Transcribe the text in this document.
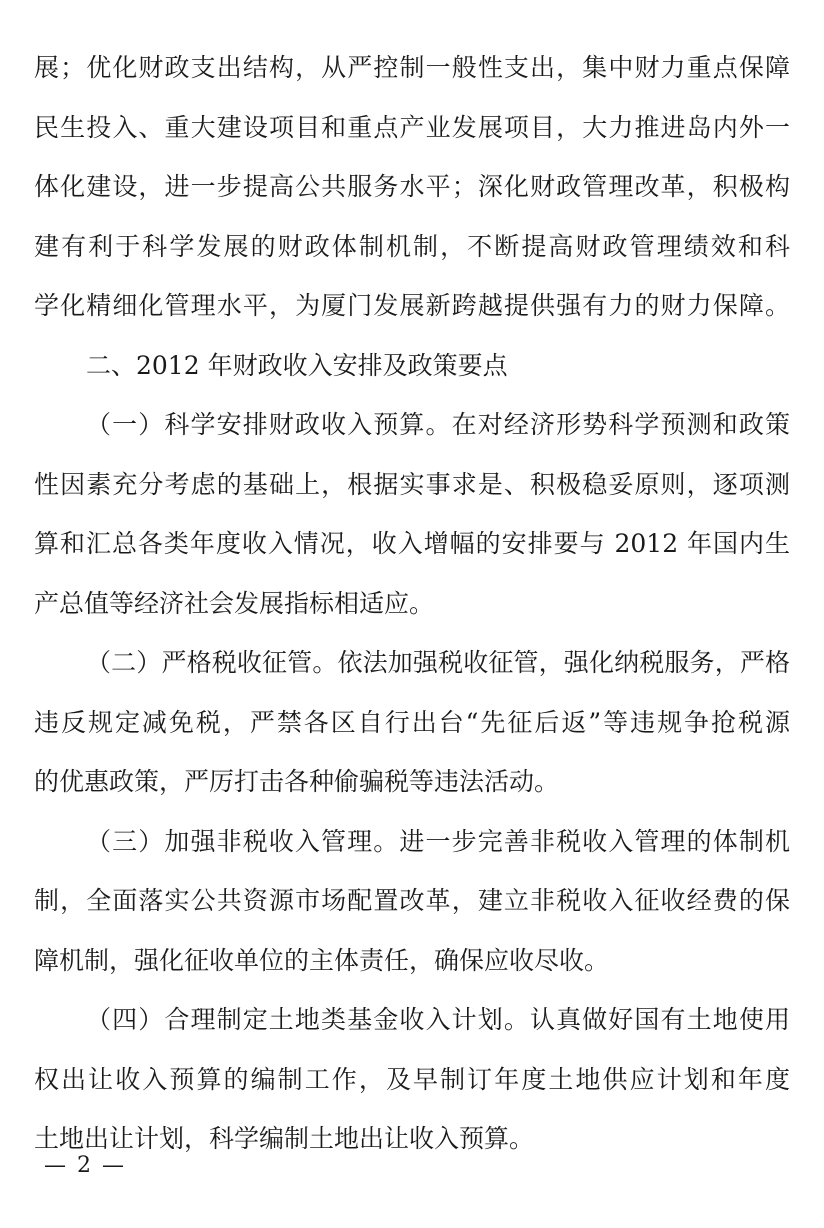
展；优化财政支出结构，从严控制一般性支出，集中财力重点保障
民生投入、重大建设项目和重点产业发展项目，大力推进岛内外一
体化建设，进一步提高公共服务水平；深化财政管理改革，积极构
建有利于科学发展的财政体制机制，不断提高财政管理绩效和科
学化精细化管理水平，为厦门发展新跨越提供强有力的财力保障。
二、2012 年财政收入安排及政策要点
（一）科学安排财政收入预算。在对经济形势科学预测和政策
性因素充分考虑的基础上，根据实事求是、积极稳妥原则，逐项测
算和汇总各类年度收入情况，收入增幅的安排要与 2012 年国内生
产总值等经济社会发展指标相适应。
（二）严格税收征管。依法加强税收征管，强化纳税服务，严格
违反规定减免税，严禁各区自行出台“先征后返”等违规争抢税源
的优惠政策，严厉打击各种偷骗税等违法活动。
（三）加强非税收入管理。进一步完善非税收入管理的体制机
制，全面落实公共资源市场配置改革，建立非税收入征收经费的保
障机制，强化征收单位的主体责任，确保应收尽收。
（四）合理制定土地类基金收入计划。认真做好国有土地使用
权出让收入预算的编制工作，及早制订年度土地供应计划和年度
土地出让计划，科学编制土地出让收入预算。
— 2 —
